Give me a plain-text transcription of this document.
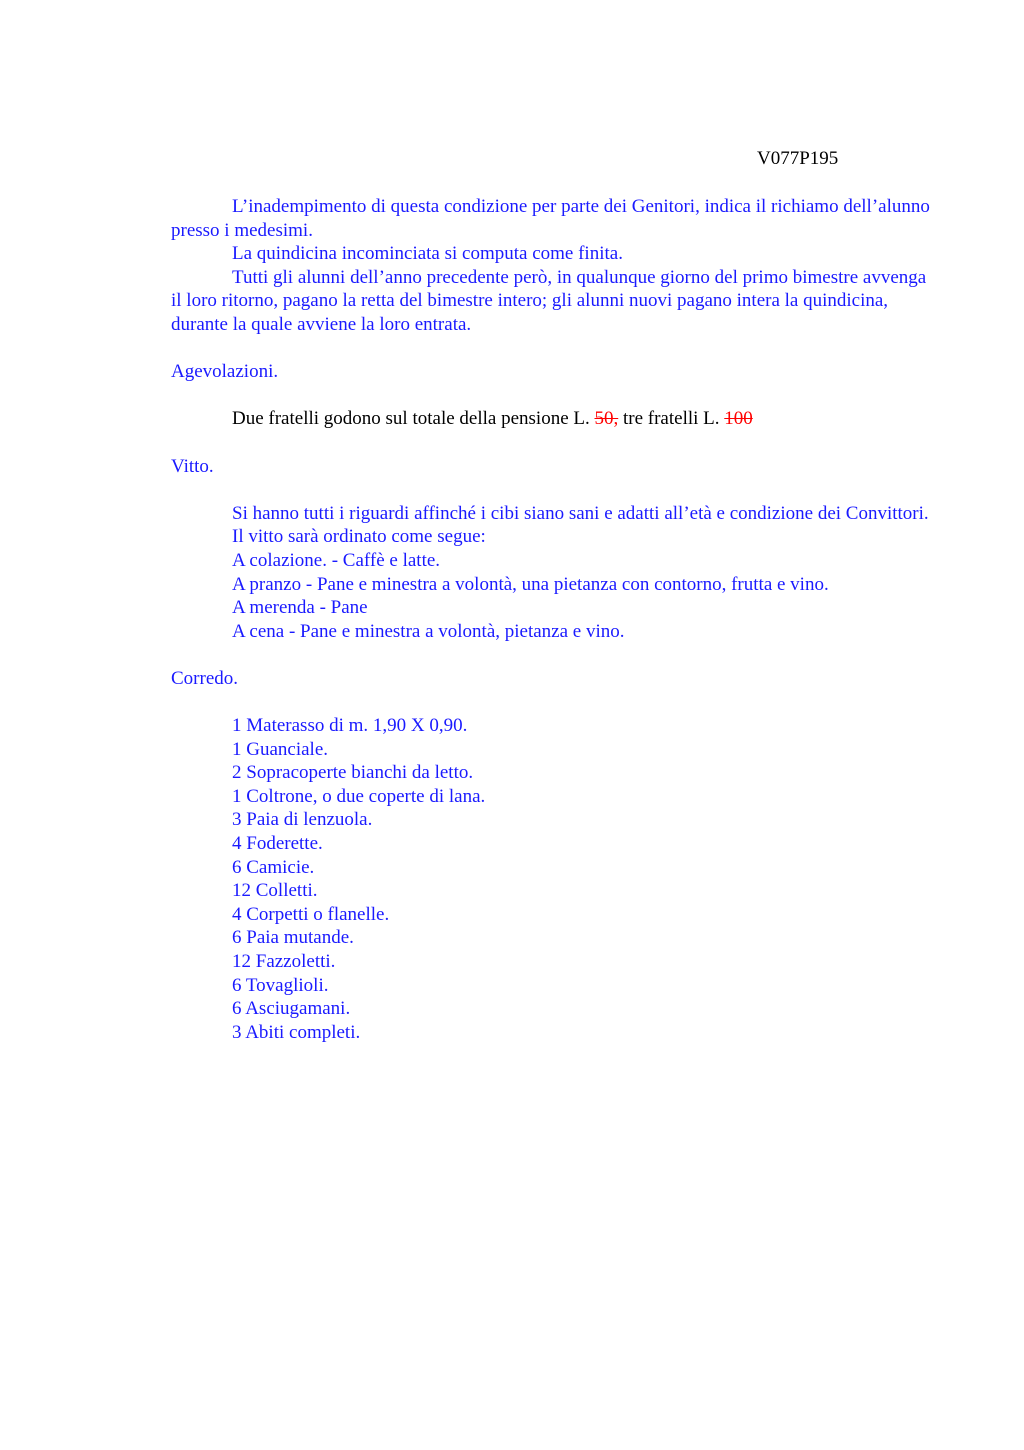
V077P195

L’inadempimento di questa condizione per parte dei Genitori, indica il richiamo dell’alunno presso i medesimi.

La quindicina incominciata si computa come finita.

Tutti gli alunni dell’anno precedente però, in qualunque giorno del primo bimestre avvenga il loro ritorno, pagano la retta del bimestre intero; gli alunni nuovi pagano intera la quindicina, durante la quale avviene la loro entrata.

Agevolazioni.

Due fratelli godono sul totale della pensione L. 50, tre fratelli L. 100

Vitto.

Si hanno tutti i riguardi affinché i cibi siano sani e adatti all’età e condizione dei Convittori.

Il vitto sarà ordinato come segue:

A colazione. - Caffè e latte.

A pranzo - Pane e minestra a volontà, una pietanza con contorno, frutta e vino.

A merenda - Pane

A cena - Pane e minestra a volontà, pietanza e vino.

Corredo.

1 Materasso di m. 1,90 X 0,90.

1 Guanciale.

2 Sopracoperte bianchi da letto.

1 Coltrone, o due coperte di lana.

3 Paia di lenzuola.

4 Foderette.

6 Camicie.

12 Colletti.

4 Corpetti o flanelle.

6 Paia mutande.

12 Fazzoletti.

6 Tovaglioli.

6 Asciugamani.

3 Abiti completi.
